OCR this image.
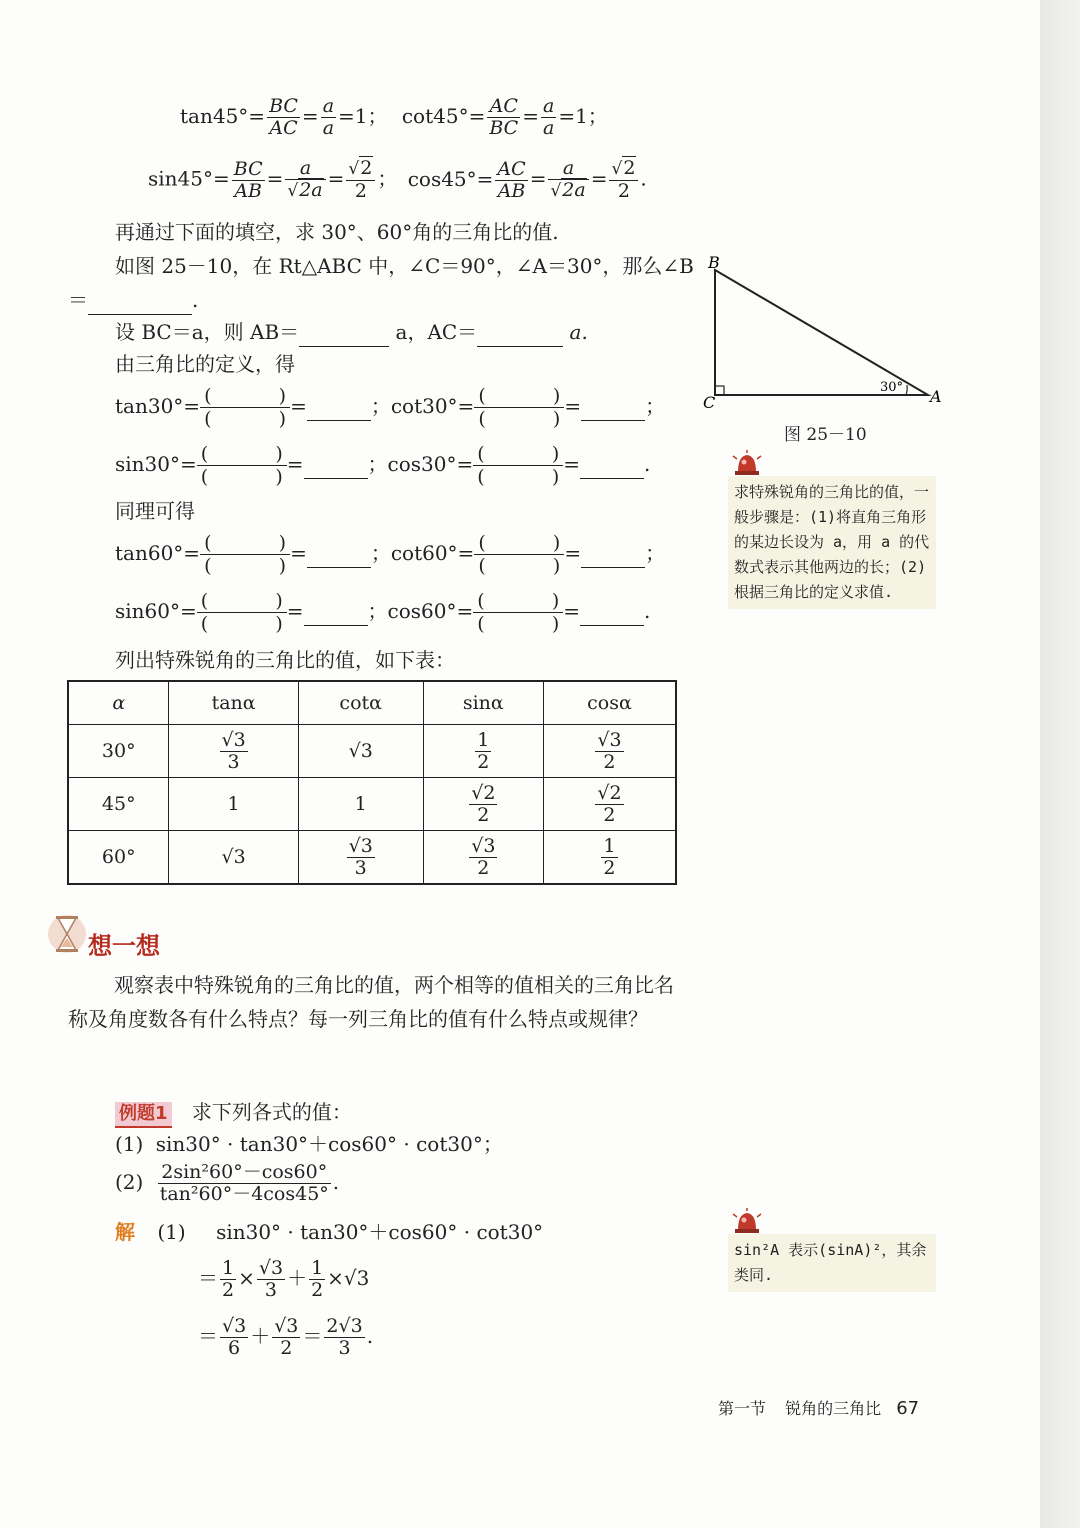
$\tan 45^\circ= \frac{BC}{AC} = \frac{a}{a} =1$； $\cot 45^\circ= \frac{AC}{BC} = \frac{a}{a} =1$；
$\sin 45^\circ= \frac{BC}{AB} = \frac{a}{√2a} = \frac{√2}{2}$ ； $\cos 45^\circ= \frac{AC}{AB} = \frac{a}{√2a} = \frac{√2}{2}$ .
再通过下面的填空，求 30°、60°角的三角比的值.
如图 25－10，在 Rt△ABC 中，∠C＝90°，∠A＝30°，那么∠B
＝	.
设 BC＝a，则 AB＝	a，AC＝	a.
由三角比的定义，得
tan30°= (	)
(	)
=	；cot30°= (	)
(	)
=	；
sin30°= (	)
(	)
=	；cos30°= (	)
(	)
=	.
同理可得
tan60°= (	)
(	)
=	；cot60°= (	)
(	)
=	；
sin60°= (	)
(	)
=	；cos60°= (	)
(	)
=	.
列出特殊锐角的三角比的值，如下表：
B
C	A
30°
图 25－10
求特殊锐角的三角比的值，一般步骤是：(1)将直角三角形的某边长设为 a，用 a 的代数式表示其他两边的长；(2)根据三角比的定义求值.
α	tanα	cotα	sinα	cosα
30°	$\frac{√3}{3}$	√3	$\frac{1}{2}$	$\frac{√3}{2}$

45°	1	1	$\frac{√2}{2}$	$\frac{√2}{2}$

60°	√3	$\frac{√3}{3}$	$\frac{√3}{2}$	$\frac{1}{2}$
想一想
观察表中特殊锐角的三角比的值，两个相等的值相关的三角比名称及角度数各有什么特点？每一列三角比的值有什么特点或规律？
例题1 求下列各式的值：
(1) sin30° · tan30°＋cos60° · cot30°；
$(2) \frac{\text{2sin²60°－cos60°}}{\text{tan²60°－4cos45°}}$ .
解 (1) sin30° · tan30°＋cos60° · cot30°
＝ $\frac{1}{2} \times \frac{√3}{3} + \frac{1}{2} \times√3$
＝ $\frac{√3}{6} + \frac{√3}{2} = \frac{2√3}{3}$ .
sin²A 表示(sinA)²，其余类同.
第一节 锐角的三角比 67
